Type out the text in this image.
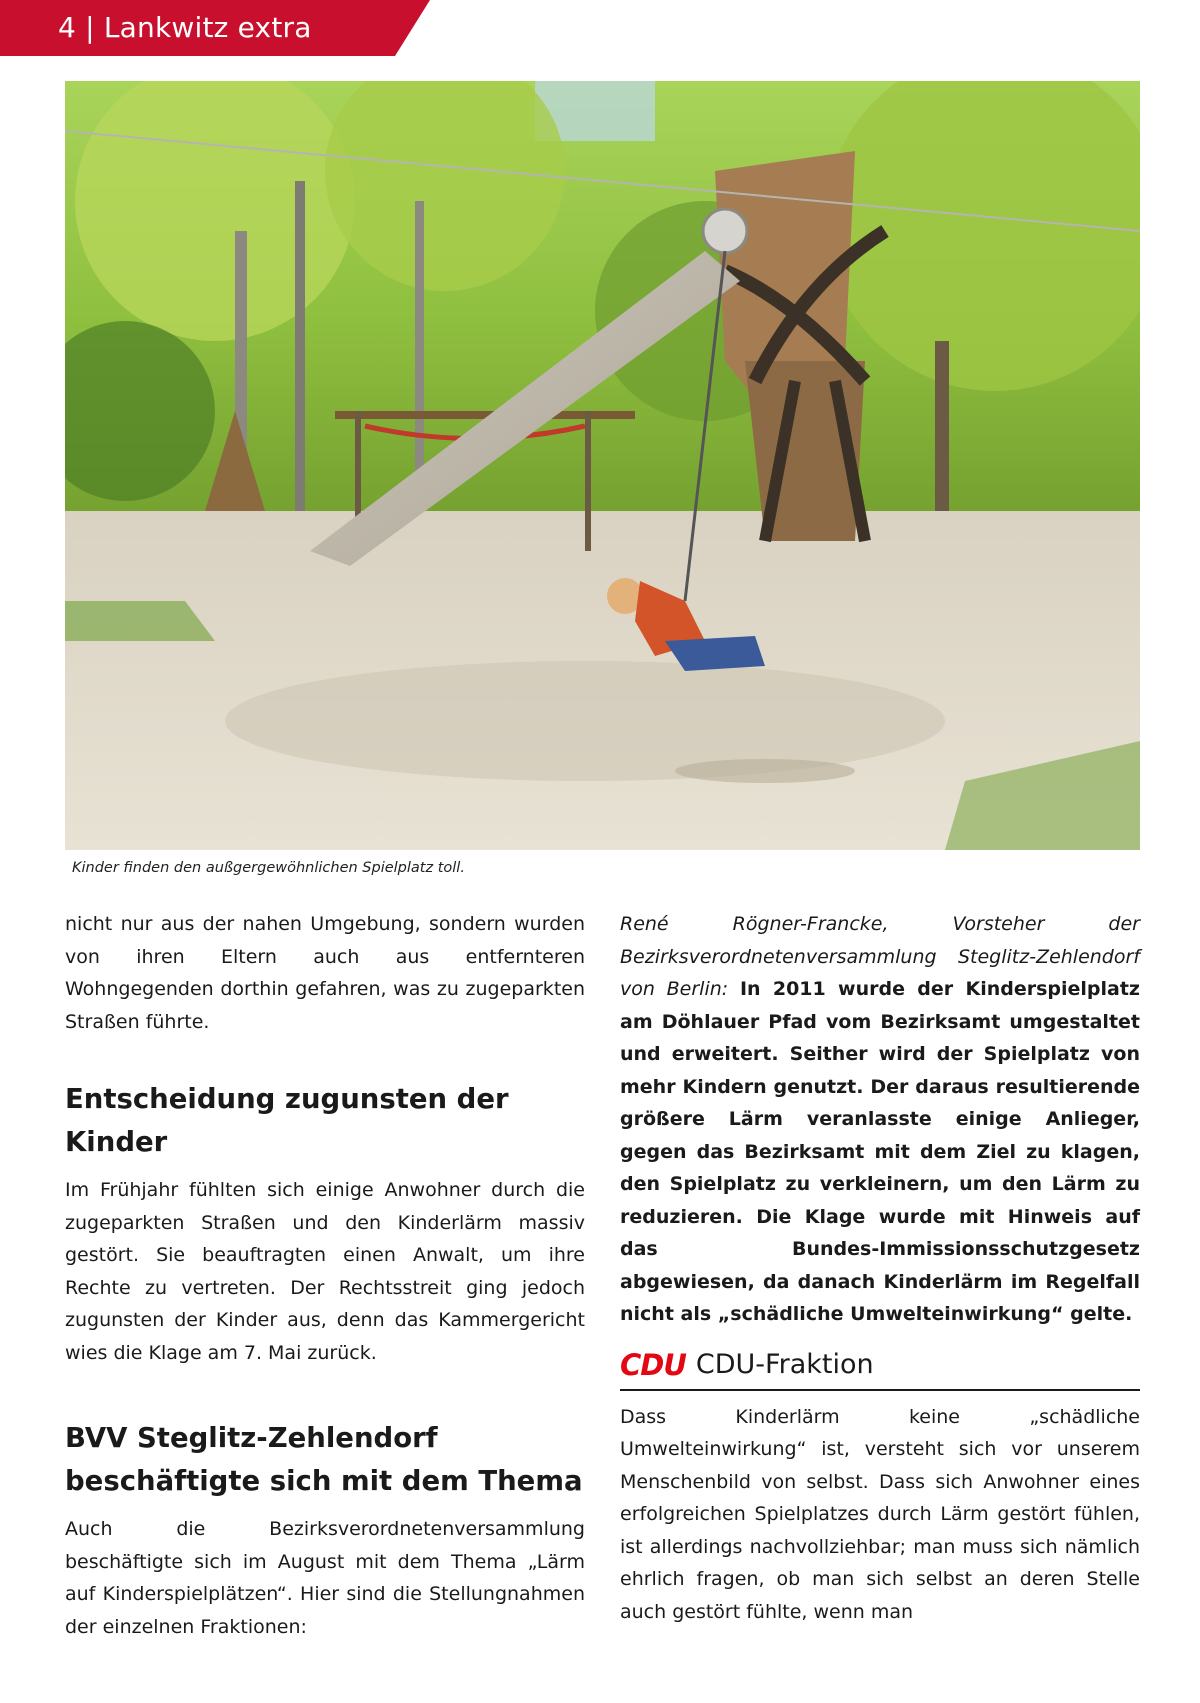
4 | Lankwitz extra
Kinder finden den außgergewöhnlichen Spielplatz toll.

nicht nur aus der nahen Umgebung, sondern wurden von ihren Eltern auch aus entfernteren Wohngegenden dorthin gefahren, was zu zugeparkten Straßen führte.

Entscheidung zugunsten der Kinder

Im Frühjahr fühlten sich einige Anwohner durch die zugeparkten Straßen und den Kinderlärm massiv gestört. Sie beauftragten einen Anwalt, um ihre Rechte zu vertreten. Der Rechtsstreit ging jedoch zugunsten der Kinder aus, denn das Kammergericht wies die Klage am 7. Mai zurück.

BVV Steglitz-Zehlendorf beschäftigte sich mit dem Thema

Auch die Bezirksverordnetenversammlung beschäftigte sich im August mit dem Thema „Lärm auf Kinderspielplätzen“. Hier sind die Stellungnahmen der einzelnen Fraktionen:

René Rögner-Francke, Vorsteher der Bezirksverordnetenversammlung Steglitz-Zehlendorf von Berlin: In 2011 wurde der Kinderspielplatz am Döhlauer Pfad vom Bezirksamt umgestaltet und erweitert. Seither wird der Spielplatz von mehr Kindern genutzt. Der daraus resultierende größere Lärm veranlasste einige Anlieger, gegen das Bezirksamt mit dem Ziel zu klagen, den Spielplatz zu verkleinern, um den Lärm zu reduzieren. Die Klage wurde mit Hinweis auf das Bundes-Immissionsschutzgesetz abgewiesen, da danach Kinderlärm im Regelfall nicht als „schädliche Umwelteinwirkung“ gelte.

CDU CDU-Fraktion

Dass Kinderlärm keine „schädliche Umwelteinwirkung“ ist, versteht sich vor unserem Menschenbild von selbst. Dass sich Anwohner eines erfolgreichen Spielplatzes durch Lärm gestört fühlen, ist allerdings nachvollziehbar; man muss sich nämlich ehrlich fragen, ob man sich selbst an deren Stelle auch gestört fühlte, wenn man
